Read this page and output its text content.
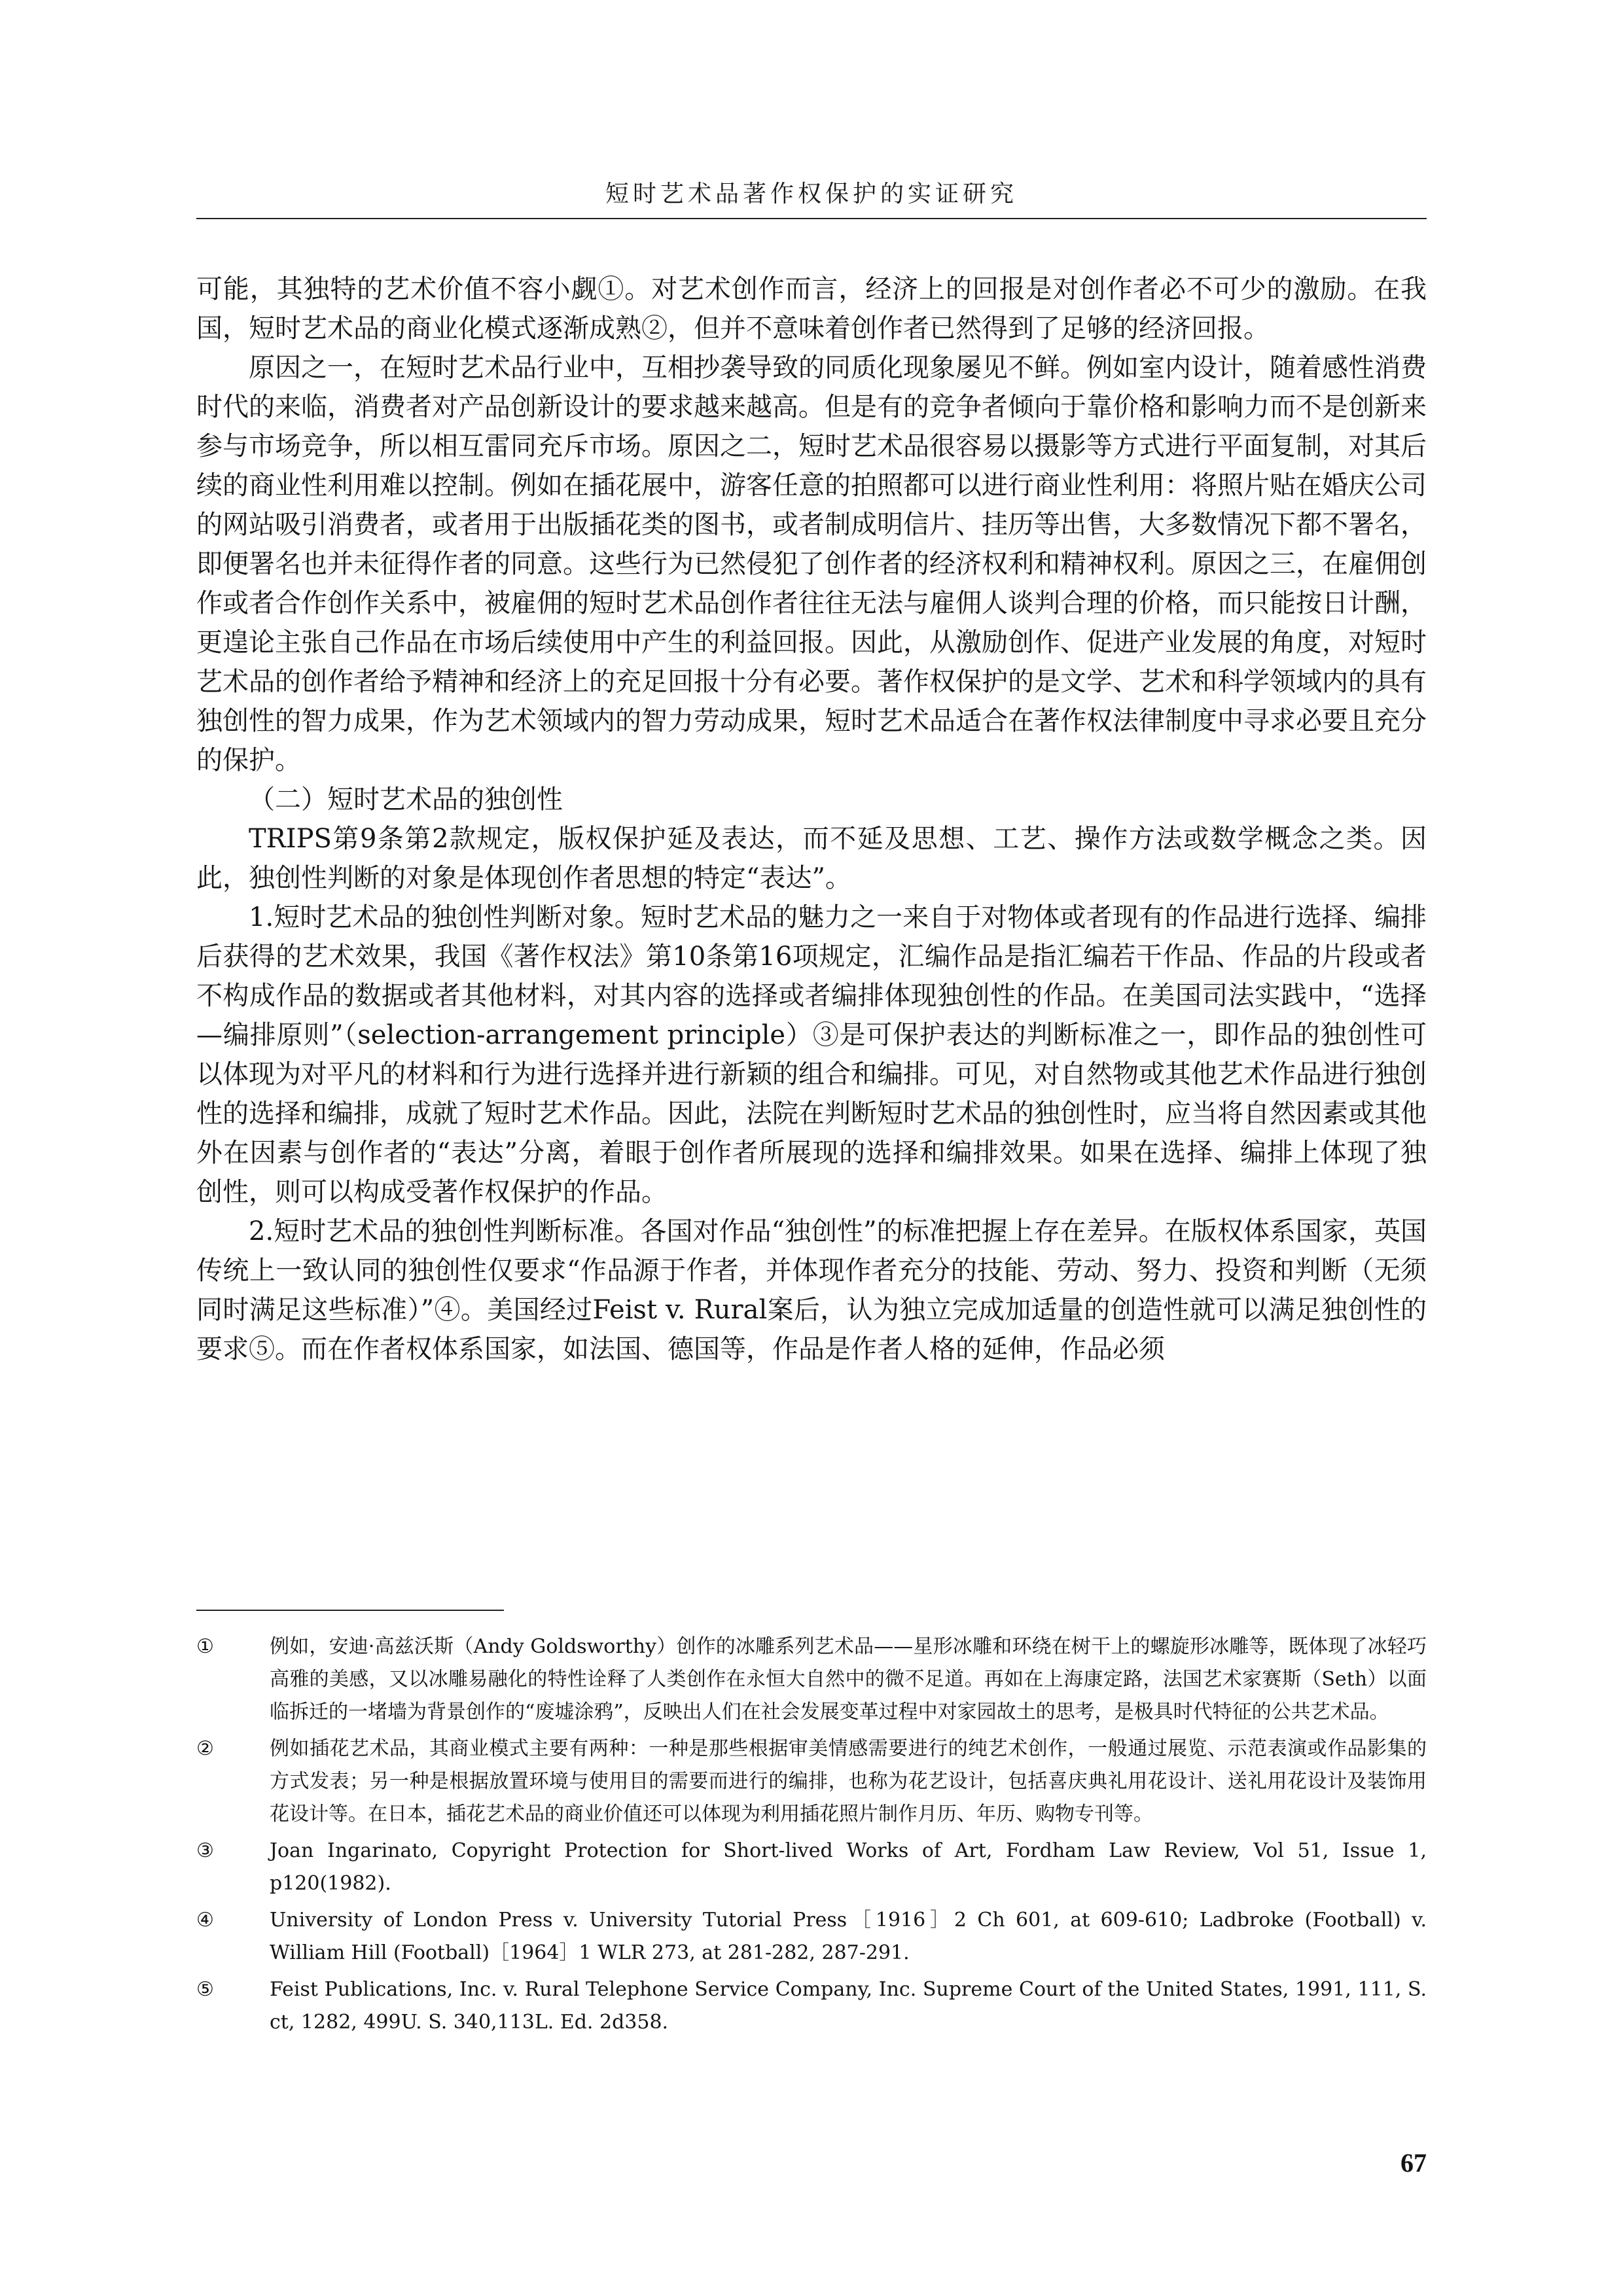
短时艺术品著作权保护的实证研究

可能，其独特的艺术价值不容小觑①。对艺术创作而言，经济上的回报是对创作者必不可少的激励。在我国，短时艺术品的商业化模式逐渐成熟②，但并不意味着创作者已然得到了足够的经济回报。

原因之一，在短时艺术品行业中，互相抄袭导致的同质化现象屡见不鲜。例如室内设计，随着感性消费时代的来临，消费者对产品创新设计的要求越来越高。但是有的竞争者倾向于靠价格和影响力而不是创新来参与市场竞争，所以相互雷同充斥市场。原因之二，短时艺术品很容易以摄影等方式进行平面复制，对其后续的商业性利用难以控制。例如在插花展中，游客任意的拍照都可以进行商业性利用：将照片贴在婚庆公司的网站吸引消费者，或者用于出版插花类的图书，或者制成明信片、挂历等出售，大多数情况下都不署名，即便署名也并未征得作者的同意。这些行为已然侵犯了创作者的经济权利和精神权利。原因之三，在雇佣创作或者合作创作关系中，被雇佣的短时艺术品创作者往往无法与雇佣人谈判合理的价格，而只能按日计酬，更遑论主张自己作品在市场后续使用中产生的利益回报。因此，从激励创作、促进产业发展的角度，对短时艺术品的创作者给予精神和经济上的充足回报十分有必要。著作权保护的是文学、艺术和科学领域内的具有独创性的智力成果，作为艺术领域内的智力劳动成果，短时艺术品适合在著作权法律制度中寻求必要且充分的保护。

（二）短时艺术品的独创性

TRIPS第9条第2款规定，版权保护延及表达，而不延及思想、工艺、操作方法或数学概念之类。因此，独创性判断的对象是体现创作者思想的特定“表达”。

1.短时艺术品的独创性判断对象。短时艺术品的魅力之一来自于对物体或者现有的作品进行选择、编排后获得的艺术效果，我国《著作权法》第10条第16项规定，汇编作品是指汇编若干作品、作品的片段或者不构成作品的数据或者其他材料，对其内容的选择或者编排体现独创性的作品。在美国司法实践中，“选择—编排原则”（selection-arrangement principle）③是可保护表达的判断标准之一，即作品的独创性可以体现为对平凡的材料和行为进行选择并进行新颖的组合和编排。可见，对自然物或其他艺术作品进行独创性的选择和编排，成就了短时艺术作品。因此，法院在判断短时艺术品的独创性时，应当将自然因素或其他外在因素与创作者的“表达”分离，着眼于创作者所展现的选择和编排效果。如果在选择、编排上体现了独创性，则可以构成受著作权保护的作品。

2.短时艺术品的独创性判断标准。各国对作品“独创性”的标准把握上存在差异。在版权体系国家，英国传统上一致认同的独创性仅要求“作品源于作者，并体现作者充分的技能、劳动、努力、投资和判断（无须同时满足这些标准）”④。美国经过Feist v. Rural案后，认为独立完成加适量的创造性就可以满足独创性的要求⑤。而在作者权体系国家，如法国、德国等，作品是作者人格的延伸，作品必须

①	例如，安迪·高兹沃斯（Andy Goldsworthy）创作的冰雕系列艺术品——星形冰雕和环绕在树干上的螺旋形冰雕等，既体现了冰轻巧高雅的美感，又以冰雕易融化的特性诠释了人类创作在永恒大自然中的微不足道。再如在上海康定路，法国艺术家赛斯（Seth）以面临拆迁的一堵墙为背景创作的“废墟涂鸦”，反映出人们在社会发展变革过程中对家园故土的思考，是极具时代特征的公共艺术品。
②	例如插花艺术品，其商业模式主要有两种：一种是那些根据审美情感需要进行的纯艺术创作，一般通过展览、示范表演或作品影集的方式发表；另一种是根据放置环境与使用目的需要而进行的编排，也称为花艺设计，包括喜庆典礼用花设计、送礼用花设计及装饰用花设计等。在日本，插花艺术品的商业价值还可以体现为利用插花照片制作月历、年历、购物专刊等。
③	Joan Ingarinato, Copyright Protection for Short-lived Works of Art, Fordham Law Review, Vol 51, Issue 1, p120(1982).
④	University of London Press v. University Tutorial Press［1916］2 Ch 601, at 609-610; Ladbroke (Football) v. William Hill (Football)［1964］1 WLR 273, at 281-282, 287-291.
⑤	Feist Publications, Inc. v. Rural Telephone Service Company, Inc. Supreme Court of the United States, 1991, 111, S. ct, 1282, 499U. S. 340,113L. Ed. 2d358.
67
